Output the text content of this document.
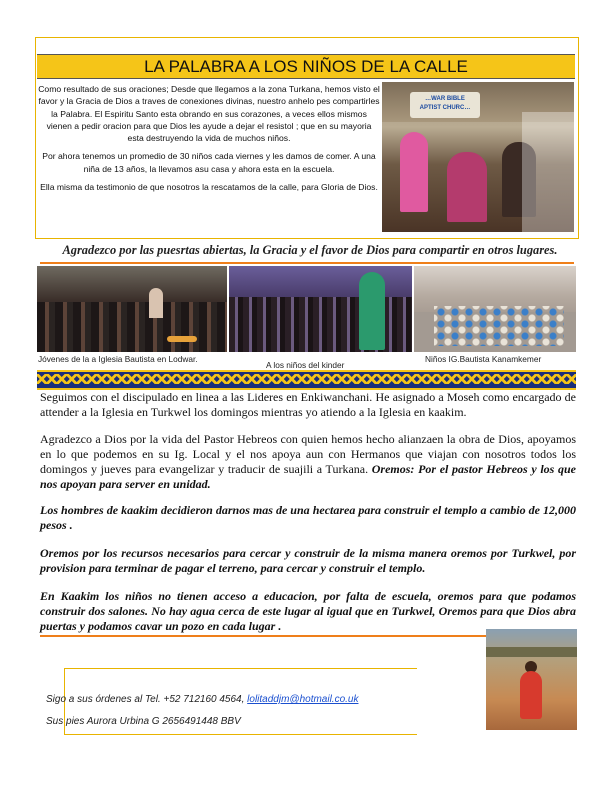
LA PALABRA A LOS NIÑOS DE LA CALLE

Como resultado de sus oraciones; Desde que llegamos a la zona Turkana, hemos visto el favor y la Gracia de Dios a traves de conexiones divinas, nuestro anhelo pes compartirles la Palabra. El Espiritu Santo esta obrando en sus corazones, a veces ellos mismos vienen a pedir oracion para que Dios les ayude a dejar el resistol ; que en su mayoria esta destruyendo la vida de muchos niños.

Por ahora tenemos un promedio de 30 niños cada viernes y les damos de comer. A una niña de 13 años, la llevamos asu casa y ahora esta en la escuela.

Ella misma da testimonio de que nosotros la rescatamos de la calle, para Gloria de Dios.

…WAR BIBLE
APTIST CHURC…
Agradezco por las puesrtas abiertas, la Gracia y el favor de Dios para compartir en otros lugares.
Jóvenes de la a Iglesia Bautista en Lodwar.
A los niños del kinder
Niños IG.Bautista Kanamkemer

Seguimos con el discipulado en linea a las Lideres en Enkiwanchani. He asignado a Moseh como encargado de attender a la Iglesia en Turkwel los domingos mientras yo atiendo a la Iglesia en kaakim.

Agradezco a Dios por la vida del Pastor Hebreos con quien hemos hecho alianzaen la obra de Dios, apoyamos en lo que podemos en su Ig. Local y el nos apoya aun con Hermanos que viajan con nosotros todos los domingos y jueves para evangelizar y traducir de suajili a Turkana. Oremos: Por el pastor Hebreos y los que nos apoyan para server en unidad.

Los hombres de kaakim decidieron darnos mas de una hectarea para construir el templo a cambio de 12,000 pesos .

Oremos por los recursos necesarios para cercar y construir de la misma manera oremos por Turkwel, por provision para terminar de pagar el terreno, para cercar y construir el templo.

En Kaakim los niños no tienen acceso a educacion, por falta de escuela, oremos para que podamos construir dos salones. No hay agua cerca de este lugar al igual que en Turkwel, Oremos para que Dios abra puertas y podamos cavar un pozo en cada lugar .

Sigo a sus órdenes al Tel. +52 712160 4564, lolitaddjm@hotmail.co.uk
Sus pies Aurora Urbina G 2656491448 BBV
